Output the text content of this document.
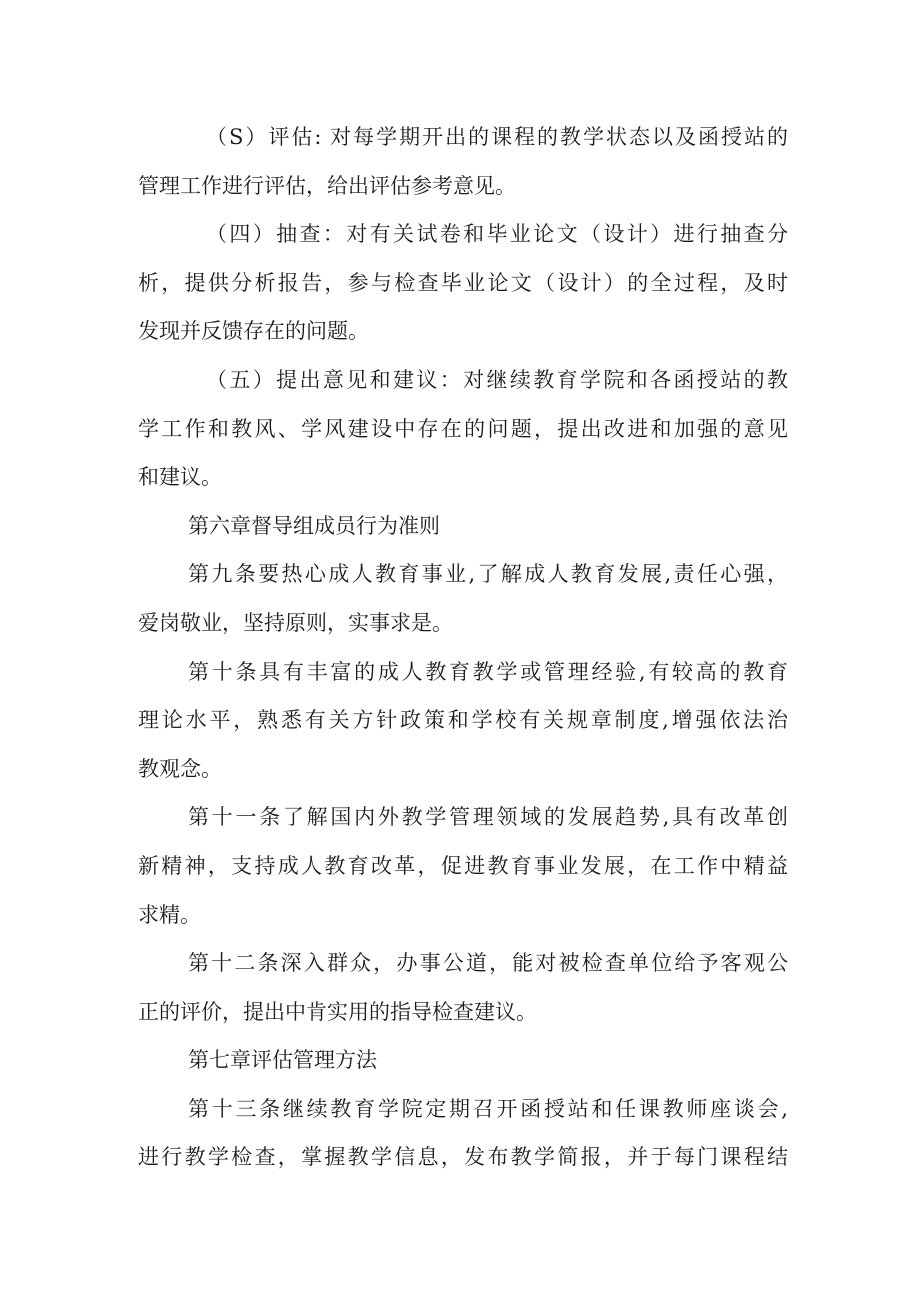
（S）评估: 对每学期开出的课程的教学状态以及函授站的
管理工作进行评估，给出评估参考意见。
（四）抽查：对有关试卷和毕业论文（设计）进行抽查分
析，提供分析报告，参与检查毕业论文（设计）的全过程，及时
发现并反馈存在的问题。
（五）提出意见和建议：对继续教育学院和各函授站的教
学工作和教风、学风建设中存在的问题，提出改进和加强的意见
和建议。
第六章督导组成员行为准则
第九条要热心成人教育事业,了解成人教育发展,责任心强，
爱岗敬业，坚持原则，实事求是。
第十条具有丰富的成人教育教学或管理经验,有较高的教育
理论水平，熟悉有关方针政策和学校有关规章制度,增强依法治
教观念。
第十一条了解国内外教学管理领域的发展趋势,具有改革创
新精神，支持成人教育改革，促进教育事业发展，在工作中精益
求精。
第十二条深入群众，办事公道，能对被检查单位给予客观公
正的评价，提出中肯实用的指导检查建议。
第七章评估管理方法
第十三条继续教育学院定期召开函授站和任课教师座谈会,
进行教学检查，掌握教学信息，发布教学简报，并于每门课程结
